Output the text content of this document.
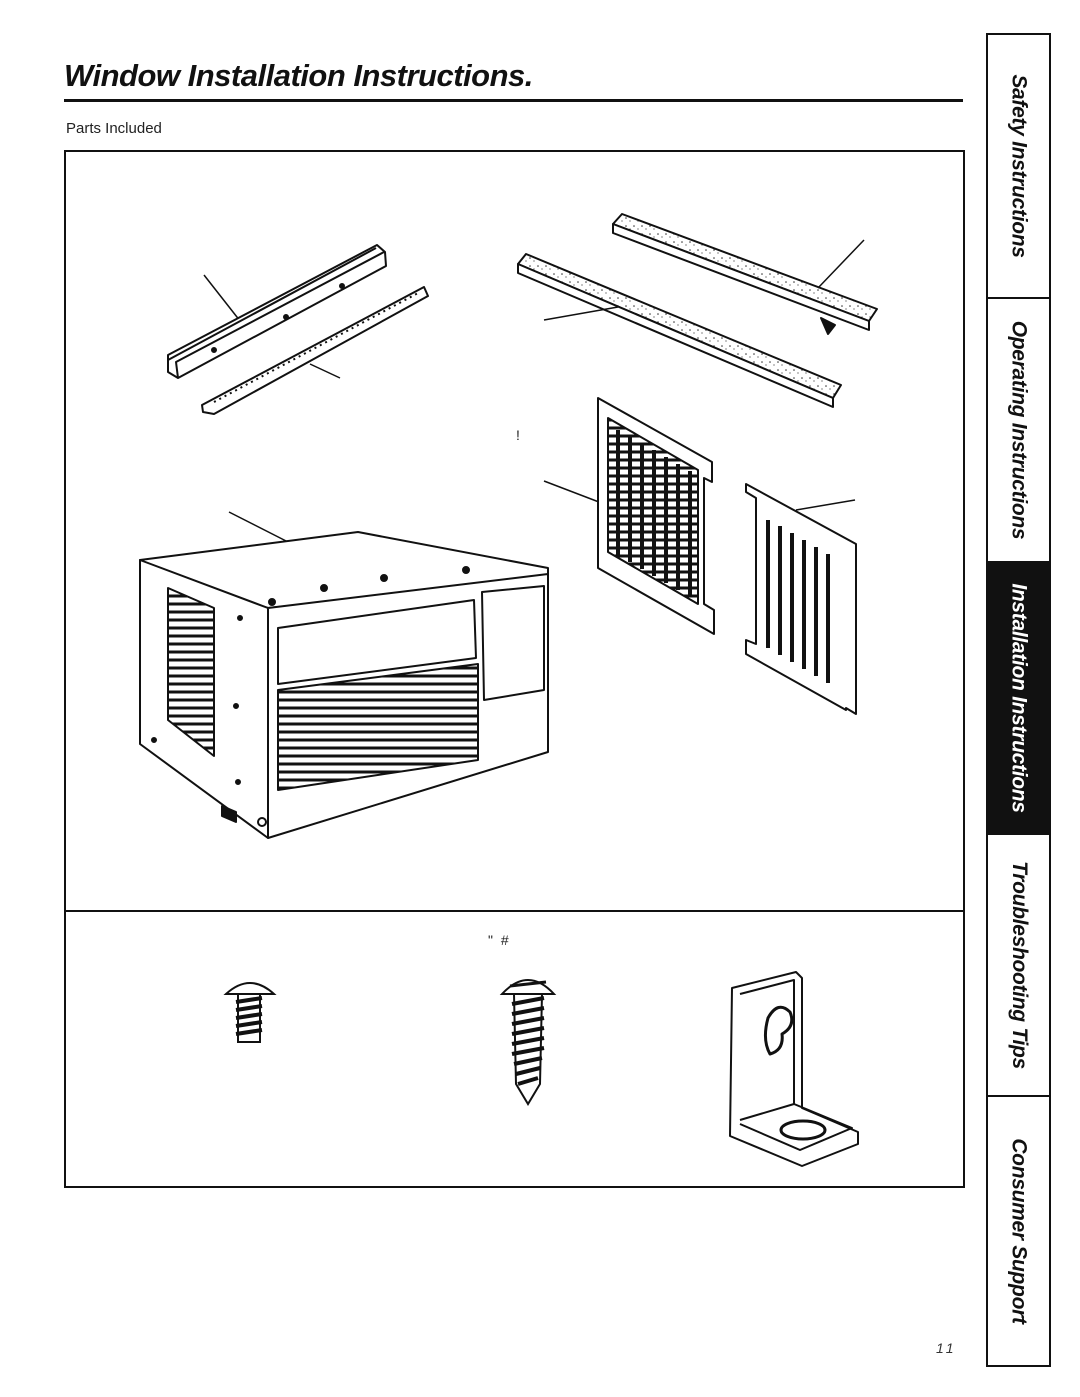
Window Installation Instructions.
Parts Included
!
" #
Safety Instructions
Operating Instructions
Installation Instructions
Troubleshooting Tips
Consumer Support
11
